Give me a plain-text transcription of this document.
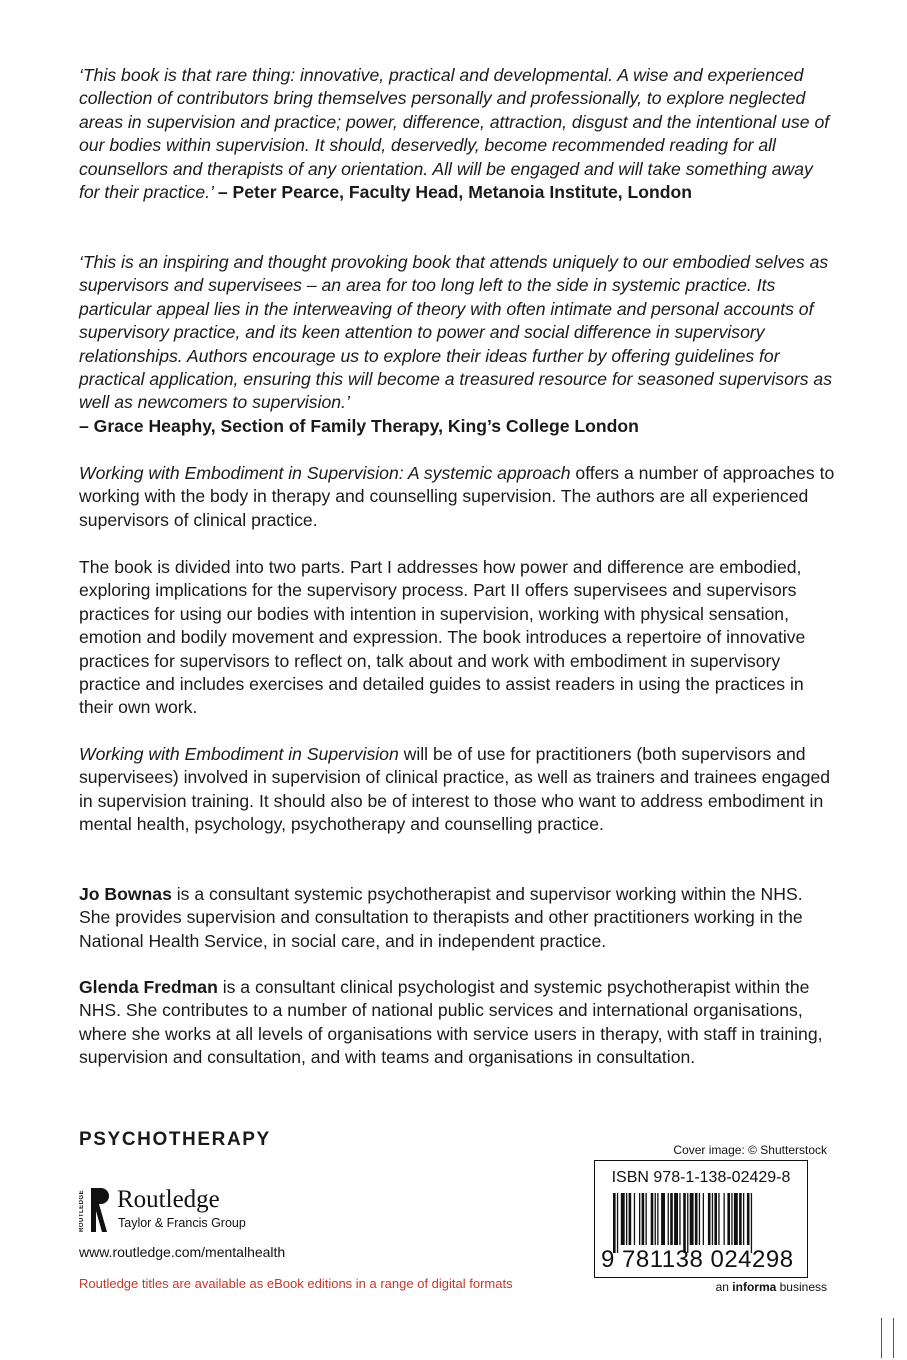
‘This book is that rare thing: innovative, practical and developmental. A wise and experienced collection of contributors bring themselves personally and professionally, to explore neglected areas in supervision and practice; power, difference, attraction, disgust and the intentional use of our bodies within supervision. It should, deservedly, become recommended reading for all counsellors and therapists of any orientation. All will be engaged and will take something away for their practice.’ – Peter Pearce, Faculty Head, Metanoia Institute, London

‘This is an inspiring and thought provoking book that attends uniquely to our embodied selves as supervisors and supervisees – an area for too long left to the side in systemic practice. Its particular appeal lies in the interweaving of theory with often intimate and personal accounts of supervisory practice, and its keen attention to power and social difference in supervisory relationships. Authors encourage us to explore their ideas further by offering guidelines for practical application, ensuring this will become a treasured resource for seasoned supervisors as well as newcomers to supervision.’
– Grace Heaphy, Section of Family Therapy, King’s College London

Working with Embodiment in Supervision: A systemic approach offers a number of approaches to working with the body in therapy and counselling supervision. The authors are all experienced supervisors of clinical practice.

The book is divided into two parts. Part I addresses how power and difference are embodied, exploring implications for the supervisory process. Part II offers supervisees and supervisors practices for using our bodies with intention in supervision, working with physical sensation, emotion and bodily movement and expression. The book introduces a repertoire of innovative practices for supervisors to reflect on, talk about and work with embodiment in supervisory practice and includes exercises and detailed guides to assist readers in using the practices in their own work.

Working with Embodiment in Supervision will be of use for practitioners (both supervisors and supervisees) involved in supervision of clinical practice, as well as trainers and trainees engaged in supervision training. It should also be of interest to those who want to address embodiment in mental health, psychology, psychotherapy and counselling practice.

Jo Bownas is a consultant systemic psychotherapist and supervisor working within the NHS. She provides supervision and consultation to therapists and other practitioners working in the National Health Service, in social care, and in independent practice.

Glenda Fredman is a consultant clinical psychologist and systemic psychotherapist within the NHS. She contributes to a number of national public services and international organisations, where she works at all levels of organisations with service users in therapy, with staff in training, supervision and consultation, and with teams and organisations in consultation.

PSYCHOTHERAPY

ROUTLEDGE Routledge
Taylor & Francis Group

www.routledge.com/mentalhealth

Routledge titles are available as eBook editions in a range of digital formats

Cover image: © Shutterstock

ISBN 978-1-138-02429-8

9 781138 024298

an informa business
